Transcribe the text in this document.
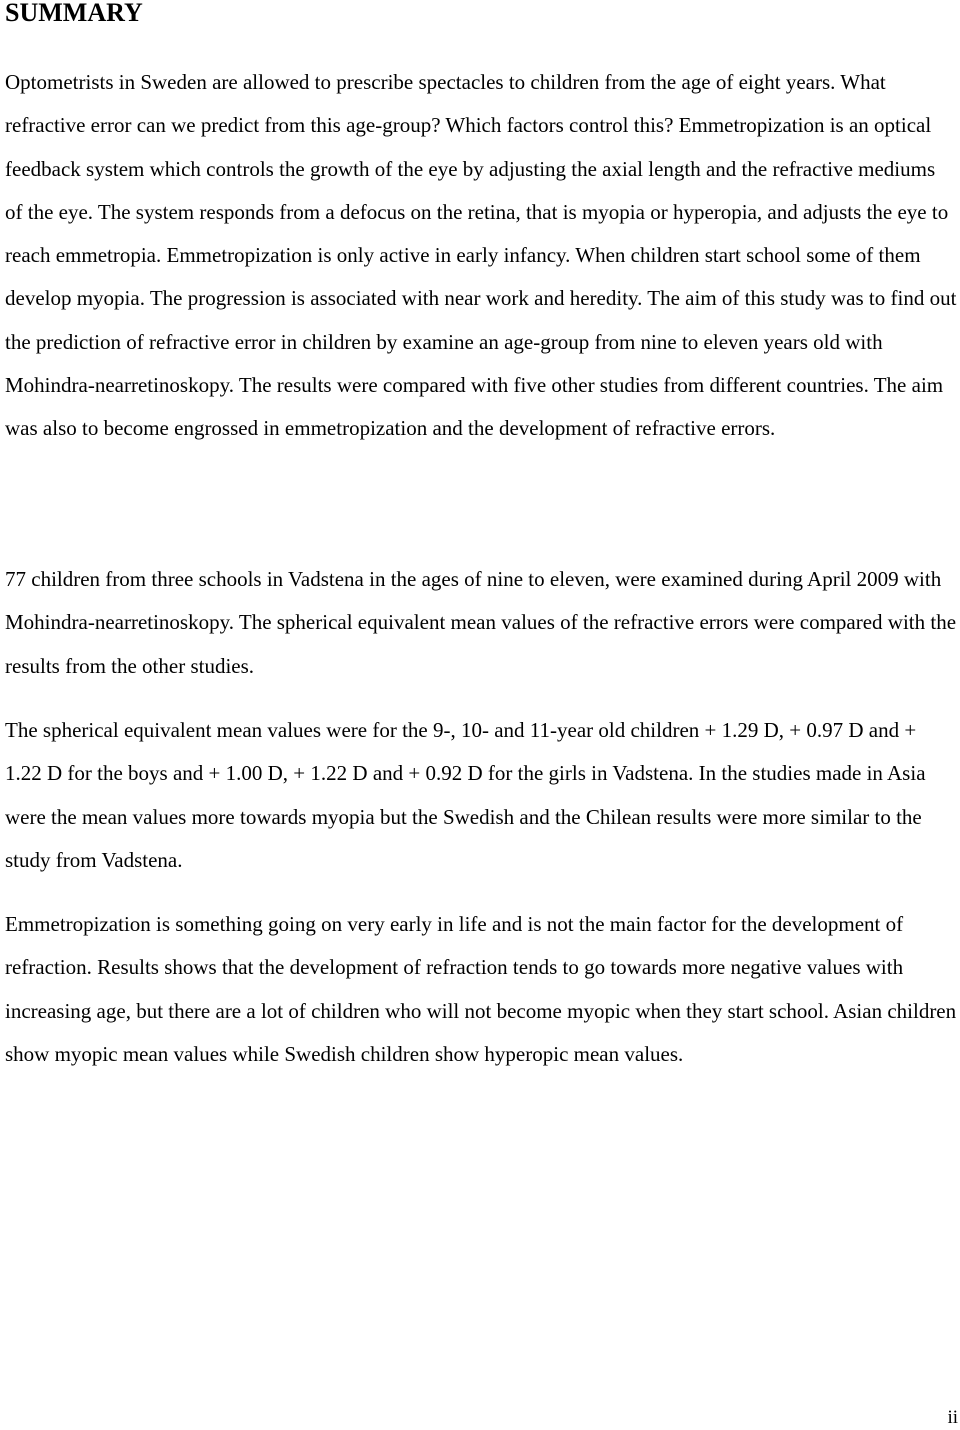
SUMMARY

Optometrists in Sweden are allowed to prescribe spectacles to children from the age of eight years. What refractive error can we predict from this age-group? Which factors control this? Emmetropization is an optical feedback system which controls the growth of the eye by adjusting the axial length and the refractive mediums of the eye. The system responds from a defocus on the retina, that is myopia or hyperopia, and adjusts the eye to reach emmetropia. Emmetropization is only active in early infancy. When children start school some of them develop myopia. The progression is associated with near work and heredity. The aim of this study was to find out the prediction of refractive error in children by examine an age-group from nine to eleven years old with Mohindra-nearretinoskopy. The results were compared with five other studies from different countries. The aim was also to become engrossed in emmetropization and the development of refractive errors.

77 children from three schools in Vadstena in the ages of nine to eleven, were examined during April 2009 with Mohindra-nearretinoskopy. The spherical equivalent mean values of the refractive errors were compared with the results from the other studies.

The spherical equivalent mean values were for the 9-, 10- and 11-year old children + 1.29 D, + 0.97 D and + 1.22 D for the boys and + 1.00 D, + 1.22 D and + 0.92 D for the girls in Vadstena. In the studies made in Asia were the mean values more towards myopia but the Swedish and the Chilean results were more similar to the study from Vadstena.

Emmetropization is something going on very early in life and is not the main factor for the development of refraction. Results shows that the development of refraction tends to go towards more negative values with increasing age, but there are a lot of children who will not become myopic when they start school. Asian children show myopic mean values while Swedish children show hyperopic mean values.

ii
